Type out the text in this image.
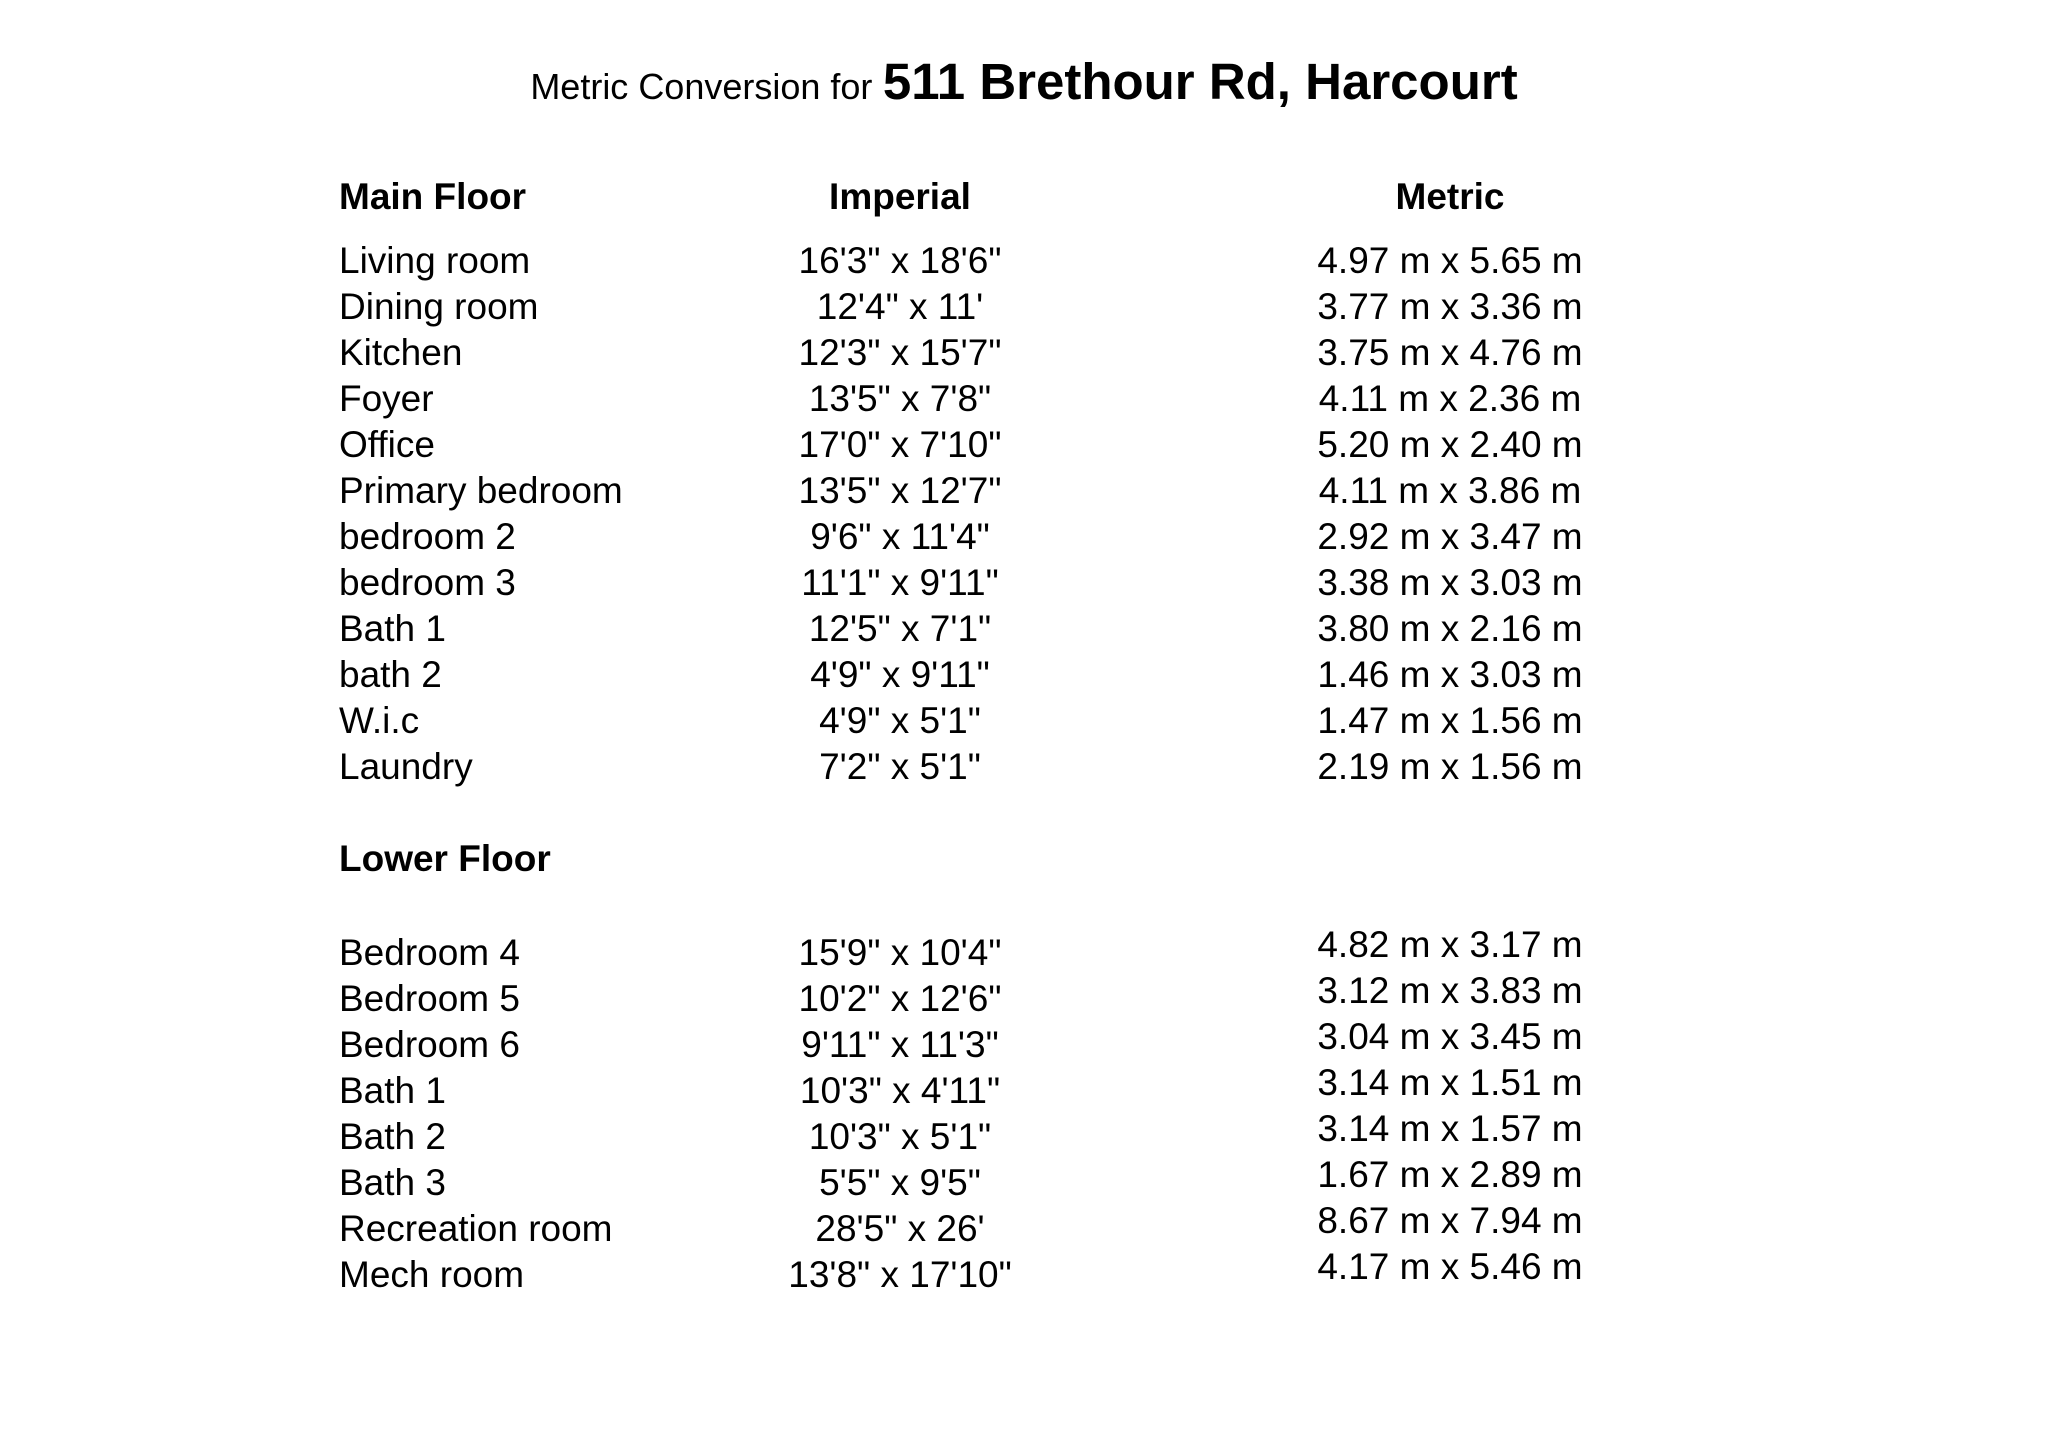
Metric Conversion for 511 Brethour Rd, Harcourt
Main Floor	Imperial	Metric
Living room	16'3" x 18'6"	4.97 m x 5.65 m
Dining room	12'4" x 11'	3.77 m x 3.36 m
Kitchen	12'3" x 15'7"	3.75 m x 4.76 m
Foyer	13'5" x 7'8"	4.11 m x 2.36 m
Office	17'0" x 7'10"	5.20 m x 2.40 m
Primary bedroom	13'5" x 12'7"	4.11 m x 3.86 m
bedroom 2	9'6" x 11'4"	2.92 m x 3.47 m
bedroom 3	11'1" x 9'11"	3.38 m x 3.03 m
Bath 1	12'5" x 7'1"	3.80 m x 2.16 m
bath 2	4'9" x 9'11"	1.46 m x 3.03 m
W.i.c	4'9" x 5'1"	1.47 m x 1.56 m
Laundry	7'2" x 5'1"	2.19 m x 1.56 m
Lower Floor
Bedroom 4	15'9" x 10'4"	4.82 m x 3.17 m
Bedroom 5	10'2" x 12'6"	3.12 m x 3.83 m
Bedroom 6	9'11" x 11'3"	3.04 m x 3.45 m
Bath 1	10'3" x 4'11"	3.14 m x 1.51 m
Bath 2	10'3" x 5'1"	3.14 m x 1.57 m
Bath 3	5'5" x 9'5"	1.67 m x 2.89 m
Recreation room	28'5" x 26'	8.67 m x 7.94 m
Mech room	13'8" x 17'10"	4.17 m x 5.46 m
